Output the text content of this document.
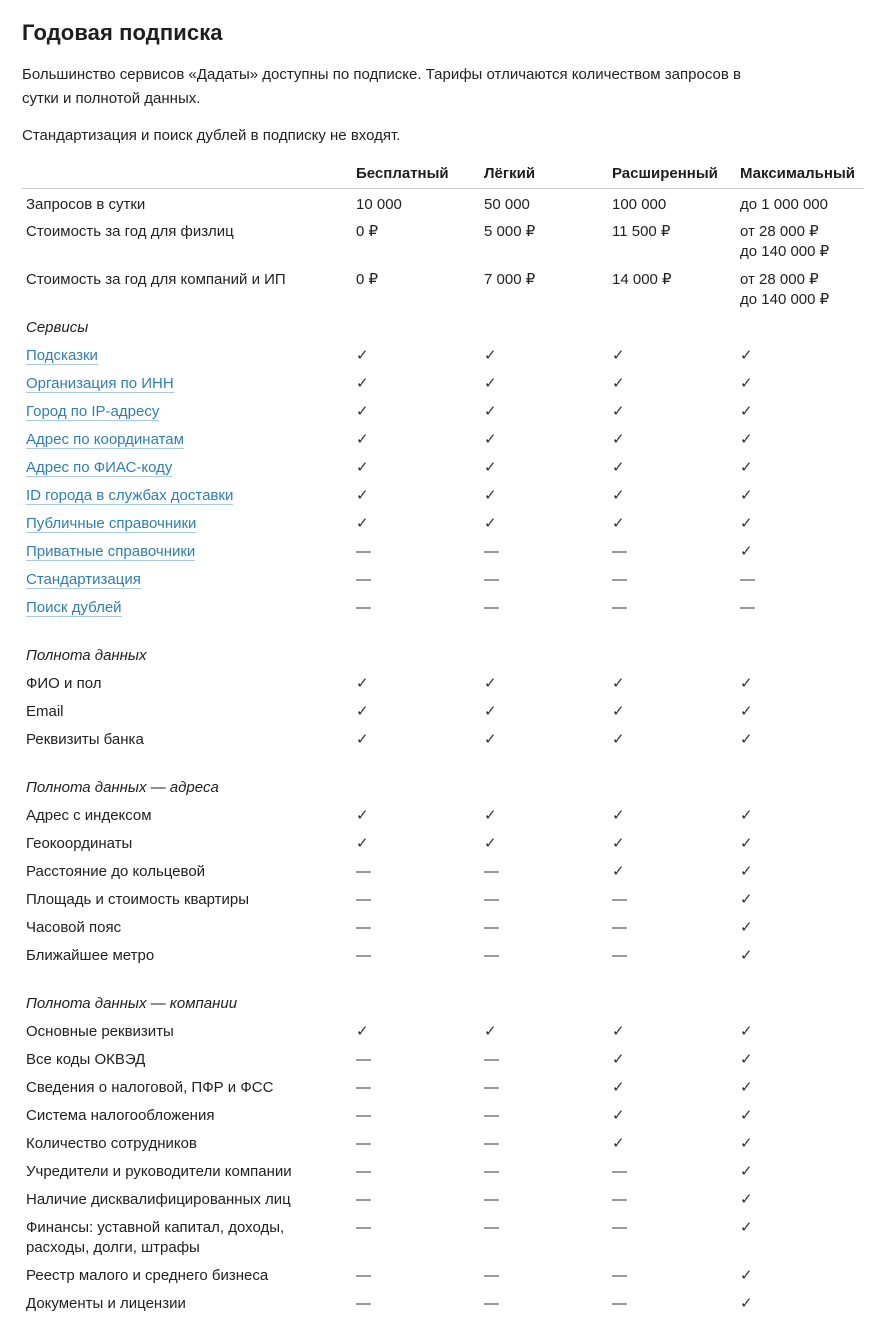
Годовая подписка

Большинство сервисов «Дадаты» доступны по подписке. Тарифы отличаются количеством запросов в сутки и полнотой данных.

Стандартизация и поиск дублей в подписку не входят.

	Бесплатный	Лёгкий	Расширенный	Максимальный
Запросов в сутки	10 000	50 000	100 000	до 1 000 000
Стоимость за год для физлиц	0 ₽	5 000 ₽	11 500 ₽	от 28 000 ₽
до 140 000 ₽

Стоимость за год для компаний и ИП	0 ₽	7 000 ₽	14 000 ₽	от 28 000 ₽
до 140 000 ₽

Сервисы				
Подсказки	✓	✓	✓	✓
Организация по ИНН	✓	✓	✓	✓
Город по IP-адресу	✓	✓	✓	✓
Адрес по координатам	✓	✓	✓	✓
Адрес по ФИАС-коду	✓	✓	✓	✓
ID города в службах доставки	✓	✓	✓	✓
Публичные справочники	✓	✓	✓	✓
Приватные справочники	—	—	—	✓
Стандартизация	—	—	—	—
Поиск дублей	—	—	—	—
Полнота данных				
ФИО и пол	✓	✓	✓	✓
Email	✓	✓	✓	✓
Реквизиты банка	✓	✓	✓	✓
Полнота данных — адреса				
Адрес с индексом	✓	✓	✓	✓
Геокоординаты	✓	✓	✓	✓
Расстояние до кольцевой	—	—	✓	✓
Площадь и стоимость квартиры	—	—	—	✓
Часовой пояс	—	—	—	✓
Ближайшее метро	—	—	—	✓
Полнота данных — компании				
Основные реквизиты	✓	✓	✓	✓
Все коды ОКВЭД	—	—	✓	✓
Сведения о налоговой, ПФР и ФСС	—	—	✓	✓
Система налогообложения	—	—	✓	✓
Количество сотрудников	—	—	✓	✓
Учредители и руководители компании	—	—	—	✓
Наличие дисквалифицированных лиц	—	—	—	✓

Финансы: уставной капитал, доходы,
расходы, долги, штрафы	—	—	—	✓
Реестр малого и среднего бизнеса	—	—	—	✓
Документы и лицензии	—	—	—	✓
